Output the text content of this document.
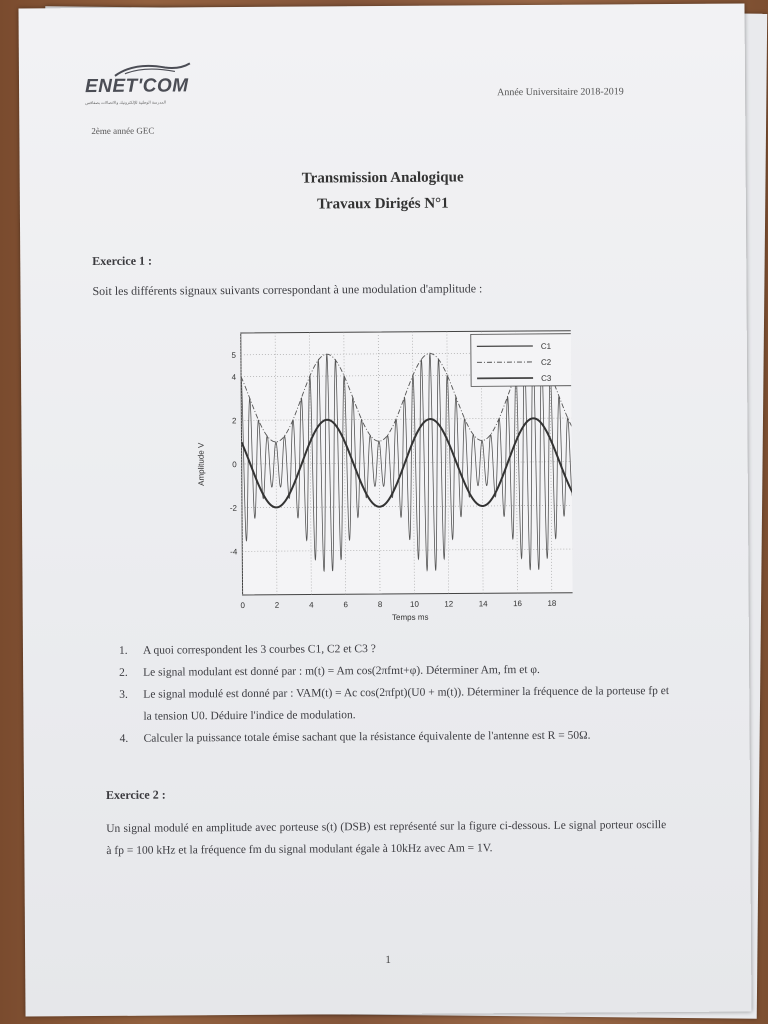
ENET'COM
المدرسة الوطنية للإلكترونيك والاتصالات بصفاقس
Année Universitaire 2018-2019
2ème année GEC
Transmission Analogique
Travaux Dirigés N°1
Exercice 1 :
Soit les différents signaux suivants correspondant à une modulation d'amplitude :
0	2	4	6	8	10	12	14	16	18
-4
-2
0
2
4
5
Temps ms
Amplitude V
C1
C2
C3
1. A quoi correspondent les 3 courbes C1, C2 et C3 ?
2. Le signal modulant est donné par : m(t) = Am cos(2πfmt+φ). Déterminer Am, fm et φ.
3. Le signal modulé est donné par : VAM(t) = Ac cos(2πfpt)(U0 + m(t)). Déterminer la fréquence de la porteuse fp et la tension U0. Déduire l'indice de modulation.
4. Calculer la puissance totale émise sachant que la résistance équivalente de l'antenne est R = 50Ω.
Exercice 2 :
Un signal modulé en amplitude avec porteuse s(t) (DSB) est représenté sur la figure ci-dessous. Le signal porteur oscille à fp = 100 kHz et la fréquence fm du signal modulant égale à 10kHz avec Am = 1V.
1
